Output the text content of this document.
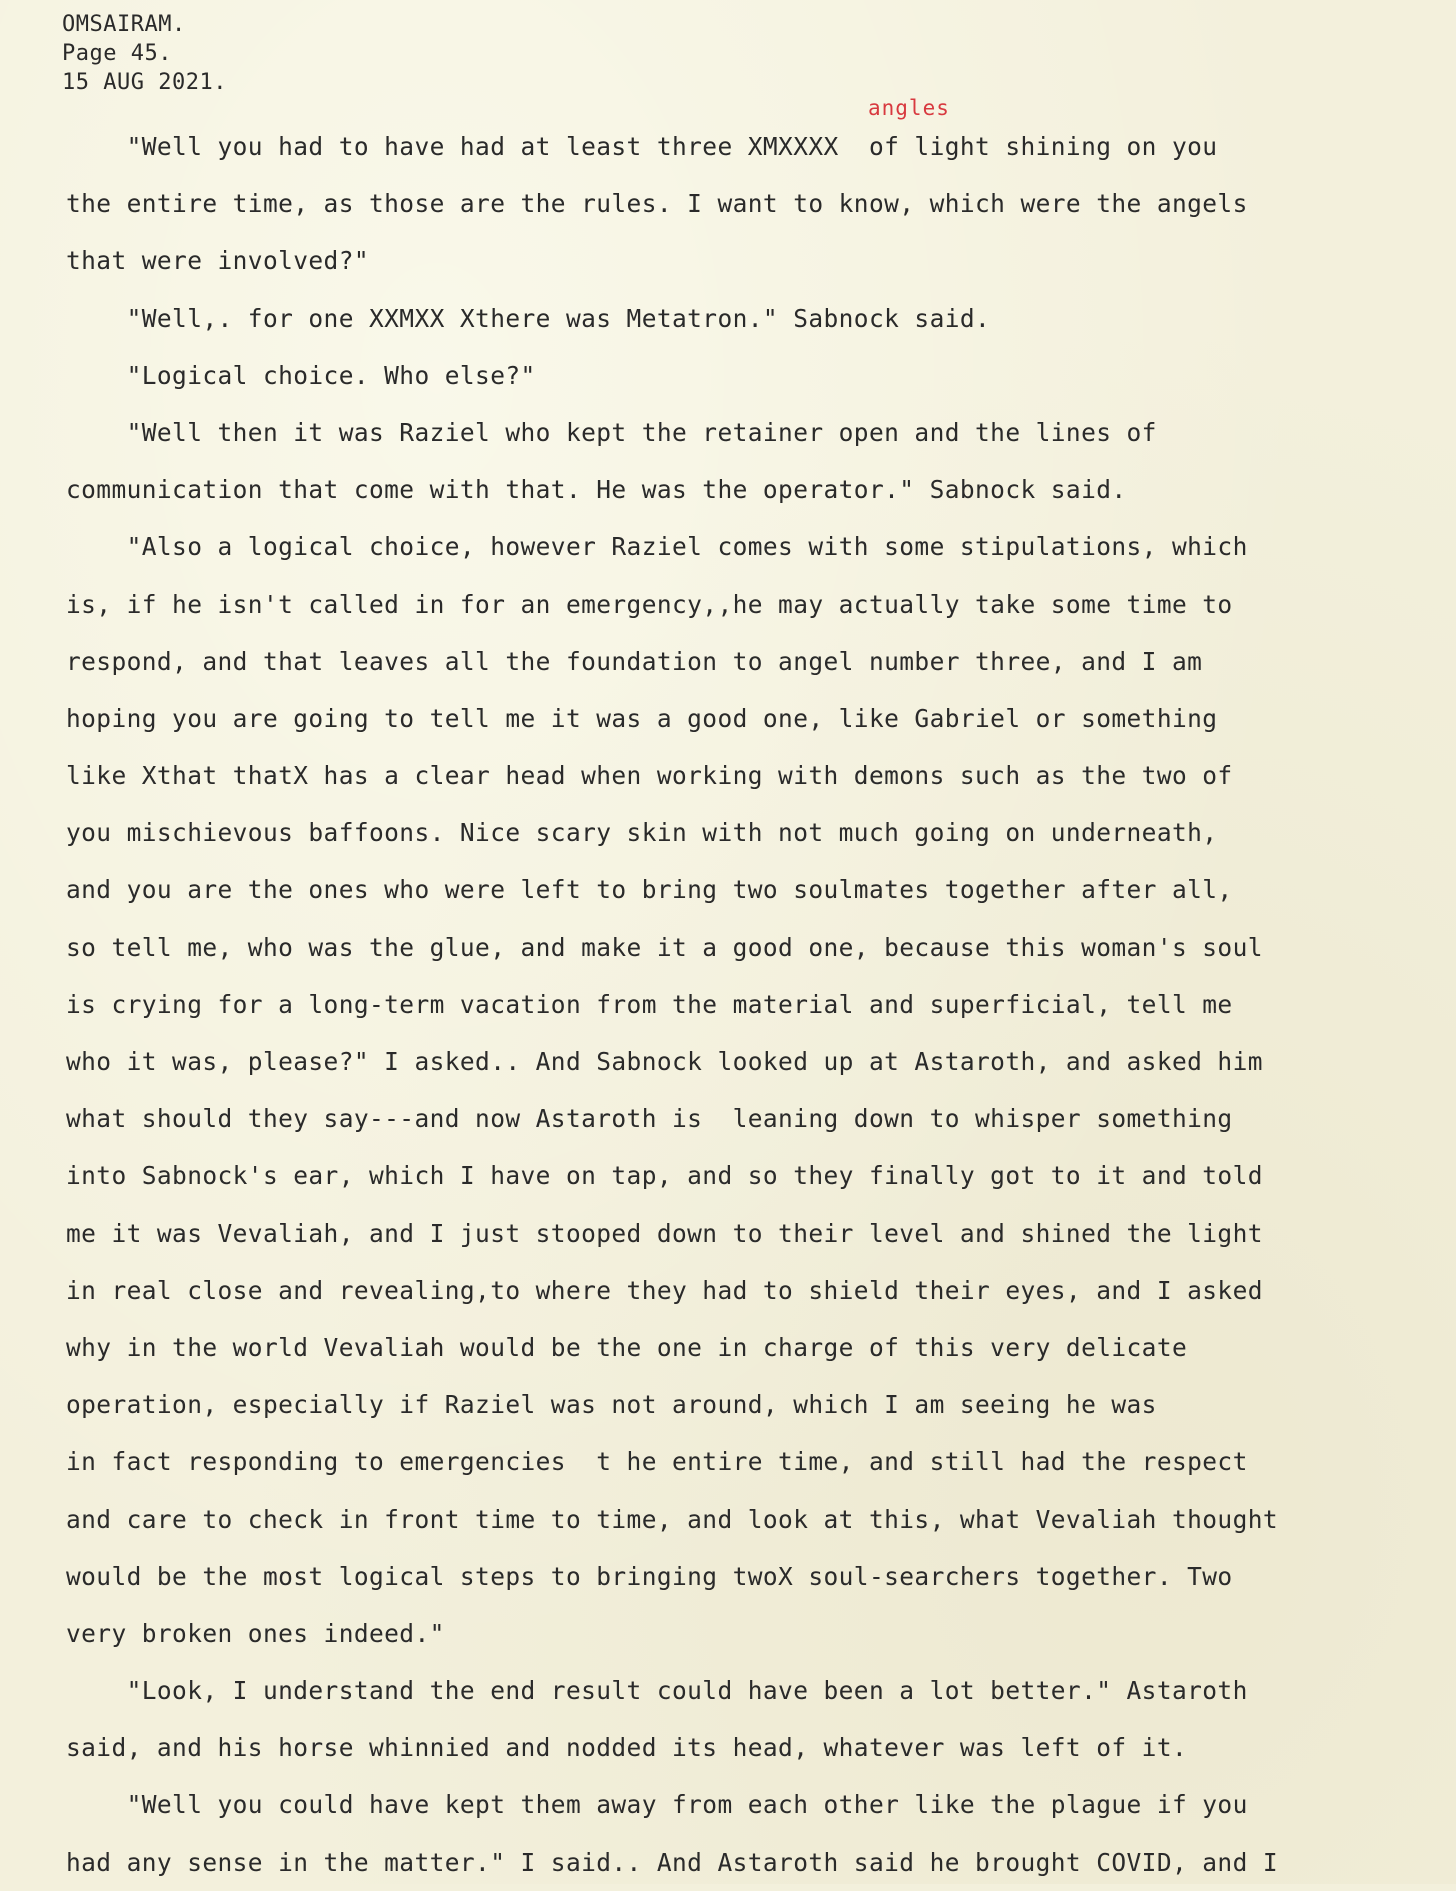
OMSAIRAM.
Page 45.
15 AUG 2021.
angles
"Well you had to have had at least three XMXXXX  of light shining on you
the entire time, as those are the rules. I want to know, which were the angels
that were involved?"
"Well,. for one XXMXX Xthere was Metatron." Sabnock said.
"Logical choice. Who else?"
"Well then it was Raziel who kept the retainer open and the lines of
communication that come with that. He was the operator." Sabnock said.
"Also a logical choice, however Raziel comes with some stipulations, which
is, if he isn't called in for an emergency,,he may actually take some time to
respond, and that leaves all the foundation to angel number three, and I am
hoping you are going to tell me it was a good one, like Gabriel or something
like Xthat thatX has a clear head when working with demons such as the two of
you mischievous baffoons. Nice scary skin with not much going on underneath,
and you are the ones who were left to bring two soulmates together after all,
so tell me, who was the glue, and make it a good one, because this woman's soul
is crying for a long-term vacation from the material and superficial, tell me
who it was, please?" I asked.. And Sabnock looked up at Astaroth, and asked him
what should they say---and now Astaroth is  leaning down to whisper something
into Sabnock's ear, which I have on tap, and so they finally got to it and told
me it was Vevaliah, and I just stooped down to their level and shined the light
in real close and revealing,to where they had to shield their eyes, and I asked
why in the world Vevaliah would be the one in charge of this very delicate
operation, especially if Raziel was not around, which I am seeing he was
in fact responding to emergencies  t he entire time, and still had the respect
and care to check in front time to time, and look at this, what Vevaliah thought
would be the most logical steps to bringing twoX soul-searchers together. Two
very broken ones indeed."
"Look, I understand the end result could have been a lot better." Astaroth
said, and his horse whinnied and nodded its head, whatever was left of it.
"Well you could have kept them away from each other like the plague if you
had any sense in the matter." I said.. And Astaroth said he brought COVID, and I
